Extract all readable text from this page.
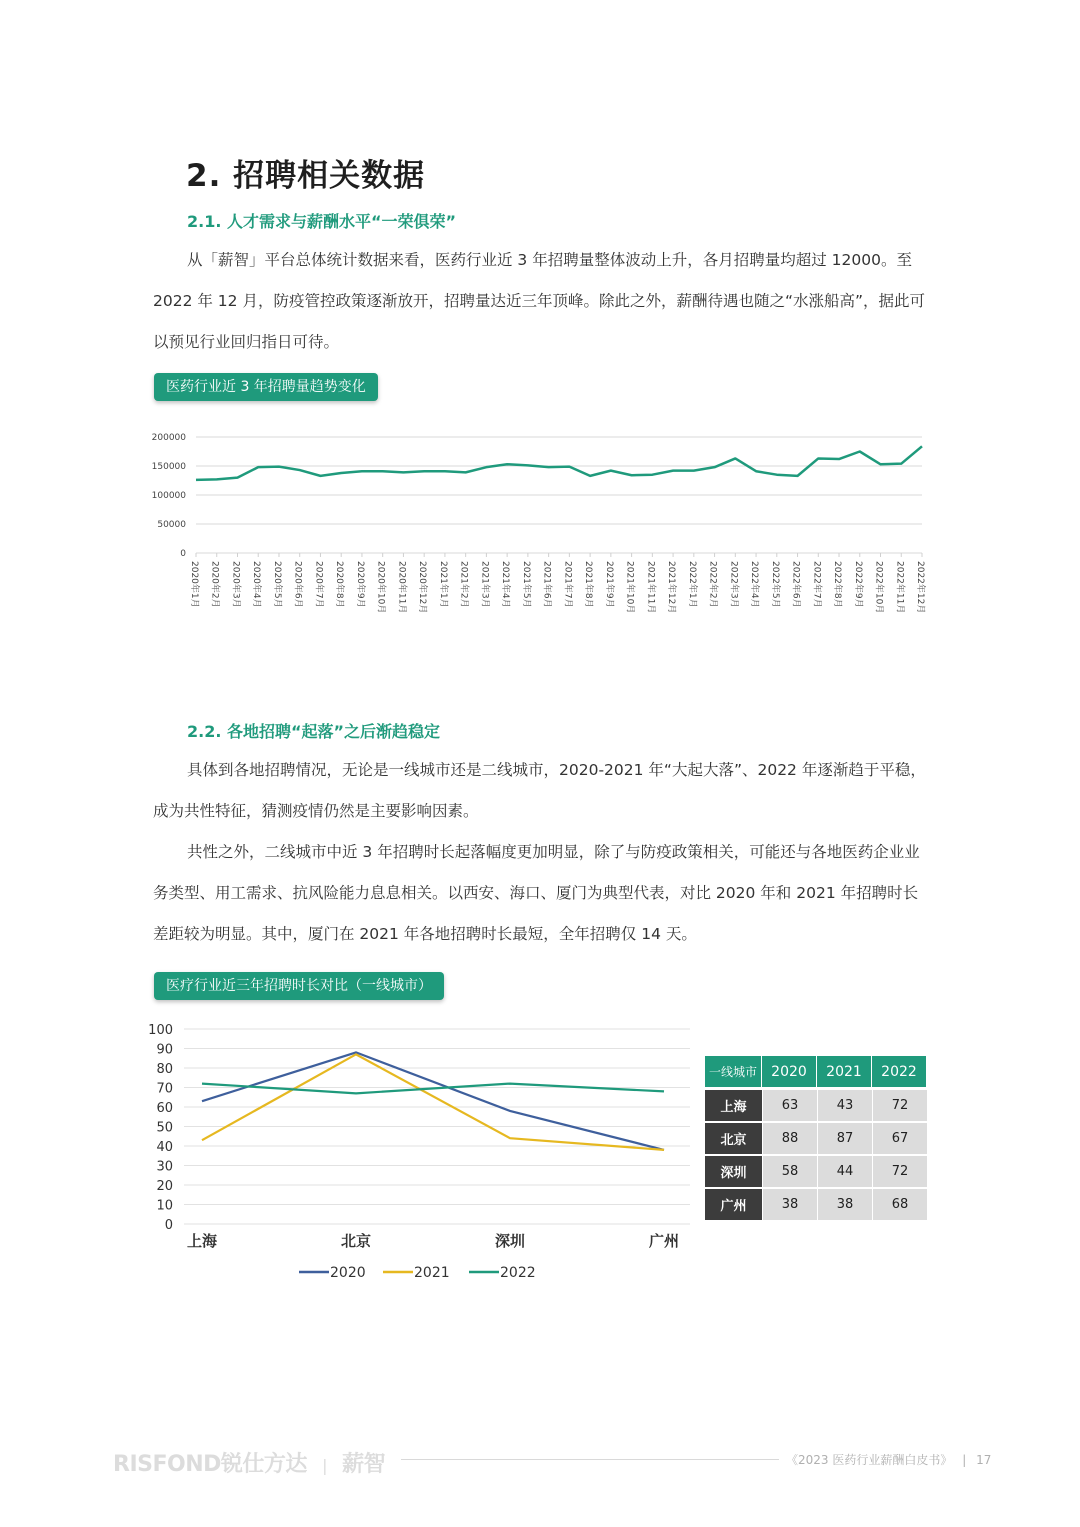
2. 招聘相关数据
2.1. 人才需求与薪酬水平“一荣俱荣”

从「薪智」平台总体统计数据来看，医药行业近 3 年招聘量整体波动上升，各月招聘量均超过 12000。至 2022 年 12 月，防疫管控政策逐渐放开，招聘量达近三年顶峰。除此之外，薪酬待遇也随之“水涨船高”，据此可以预见行业回归指日可待。

医药行业近 3 年招聘量趋势变化
200000
150000
100000
50000
0
2020年1月 2020年2月 2020年3月 2020年4月 2020年5月 2020年6月 2020年7月 2020年8月 2020年9月 2020年10月 2020年11月 2020年12月 2021年1月 2021年2月 2021年3月 2021年4月 2021年5月 2021年6月 2021年7月 2021年8月 2021年9月 2021年10月 2021年11月 2021年12月 2022年1月 2022年2月 2022年3月 2022年4月 2022年5月 2022年6月 2022年7月 2022年8月 2022年9月 2022年10月 2022年11月 2022年12月
2.2. 各地招聘“起落”之后渐趋稳定

具体到各地招聘情况，无论是一线城市还是二线城市，2020-2021 年“大起大落”、2022 年逐渐趋于平稳，成为共性特征，猜测疫情仍然是主要影响因素。

共性之外，二线城市中近 3 年招聘时长起落幅度更加明显，除了与防疫政策相关，可能还与各地医药企业业务类型、用工需求、抗风险能力息息相关。以西安、海口、厦门为典型代表，对比 2020 年和 2021 年招聘时长差距较为明显。其中，厦门在 2021 年各地招聘时长最短，全年招聘仅 14 天。

医疗行业近三年招聘时长对比（一线城市）
100
90
80
70
60
50
40
30
20
10
0
上海	北京	深圳	广州
2020	2021	2022
一线城市	2020	2021	2022

上海	63	43	72
北京	88	87	67
深圳	58	44	72
广州	38	38	68
RISFOND锐仕方达 | 薪智	《2023 医药行业薪酬白皮书》 | 17
